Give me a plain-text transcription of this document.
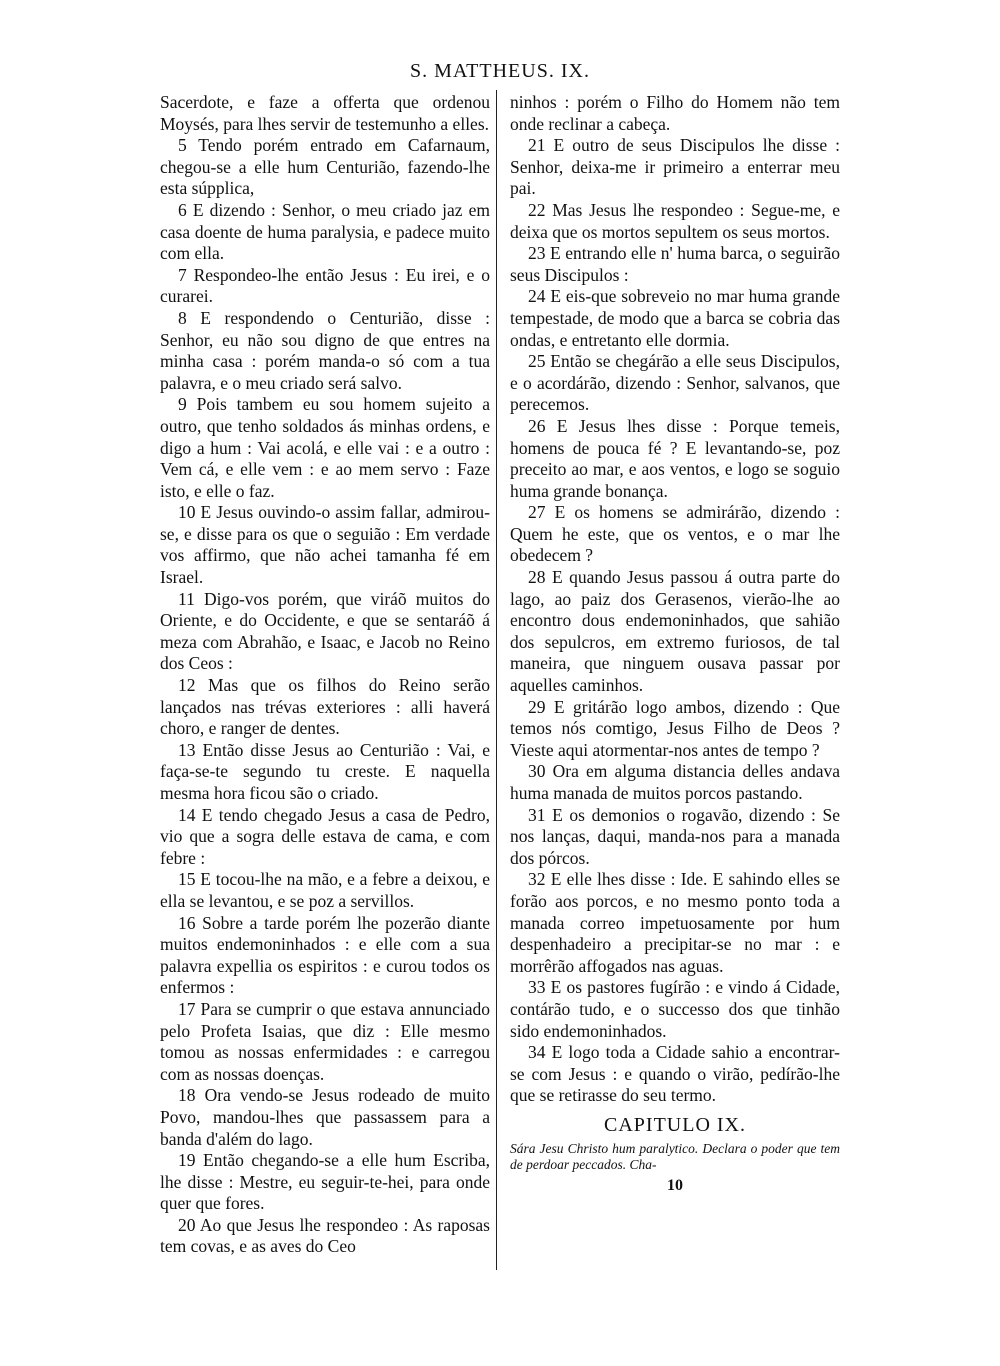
S. MATTHEUS. IX.

Sacerdote, e faze a offerta que ordenou Moysés, para lhes servir de testemunho a elles.

5 Tendo porém entrado em Cafarnaum, chegou-se a elle hum Centurião, fazendo-lhe esta súpplica,

6 E dizendo : Senhor, o meu criado jaz em casa doente de huma paralysia, e padece muito com ella.

7 Respondeo-lhe então Jesus : Eu irei, e o curarei.

8 E respondendo o Centurião, disse : Senhor, eu não sou digno de que entres na minha casa : porém manda-o só com a tua palavra, e o meu criado será salvo.

9 Pois tambem eu sou homem sujeito a outro, que tenho soldados ás minhas ordens, e digo a hum : Vai acolá, e elle vai : e a outro : Vem cá, e elle vem : e ao mem servo : Faze isto, e elle o faz.

10 E Jesus ouvindo-o assim fallar, admirou-se, e disse para os que o seguião : Em verdade vos affirmo, que não achei tamanha fé em Israel.

11 Digo-vos porém, que viráõ muitos do Oriente, e do Occidente, e que se sentaráõ á meza com Abrahão, e Isaac, e Jacob no Reino dos Ceos :

12 Mas que os filhos do Reino serão lançados nas trévas exteriores : alli haverá choro, e ranger de dentes.

13 Então disse Jesus ao Centurião : Vai, e faça-se-te segundo tu creste. E naquella mesma hora ficou são o criado.

14 E tendo chegado Jesus a casa de Pedro, vio que a sogra delle estava de cama, e com febre :

15 E tocou-lhe na mão, e a febre a deixou, e ella se levantou, e se poz a servillos.

16 Sobre a tarde porém lhe pozerão diante muitos endemoninhados : e elle com a sua palavra expellia os espiritos : e curou todos os enfermos :

17 Para se cumprir o que estava annunciado pelo Profeta Isaias, que diz : Elle mesmo tomou as nossas enfermidades : e carregou com as nossas doenças.

18 Ora vendo-se Jesus rodeado de muito Povo, mandou-lhes que passassem para a banda d'além do lago.

19 Então chegando-se a elle hum Escriba, lhe disse : Mestre, eu seguir-te-hei, para onde quer que fores.

20 Ao que Jesus lhe respondeo : As raposas tem covas, e as aves do Ceo

ninhos : porém o Filho do Homem não tem onde reclinar a cabeça.

21 E outro de seus Discipulos lhe disse : Senhor, deixa-me ir primeiro a enterrar meu pai.

22 Mas Jesus lhe respondeo : Segue-me, e deixa que os mortos sepultem os seus mortos.

23 E entrando elle n' huma barca, o seguirão seus Discipulos :

24 E eis-que sobreveio no mar huma grande tempestade, de modo que a barca se cobria das ondas, e entretanto elle dormia.

25 Então se chegárão a elle seus Discipulos, e o acordárão, dizendo : Senhor, salvanos, que perecemos.

26 E Jesus lhes disse : Porque temeis, homens de pouca fé ? E levantando-se, poz preceito ao mar, e aos ventos, e logo se soguio huma grande bonança.

27 E os homens se admirárão, dizendo : Quem he este, que os ventos, e o mar lhe obedecem ?

28 E quando Jesus passou á outra parte do lago, ao paiz dos Gerasenos, vierão-lhe ao encontro dous endemoninhados, que sahião dos sepulcros, em extremo furiosos, de tal maneira, que ninguem ousava passar por aquelles caminhos.

29 E gritárão logo ambos, dizendo : Que temos nós comtigo, Jesus Filho de Deos ? Vieste aqui atormentar-nos antes de tempo ?

30 Ora em alguma distancia delles andava huma manada de muitos porcos pastando.

31 E os demonios o rogavão, dizendo : Se nos lanças, daqui, manda-nos para a manada dos pórcos.

32 E elle lhes disse : Ide. E sahindo elles se forão aos porcos, e no mesmo ponto toda a manada correo impetuosamente por hum despenhadeiro a precipitar-se no mar : e morrêrão affogados nas aguas.

33 E os pastores fugírão : e vindo á Cidade, contárão tudo, e o successo dos que tinhão sido endemoninhados.

34 E logo toda a Cidade sahio a encontrar-se com Jesus : e quando o virão, pedírão-lhe que se retirasse do seu termo.

CAPITULO IX.

Sára Jesu Christo hum paralytico. Declara o poder que tem de perdoar peccados. Cha-

10
